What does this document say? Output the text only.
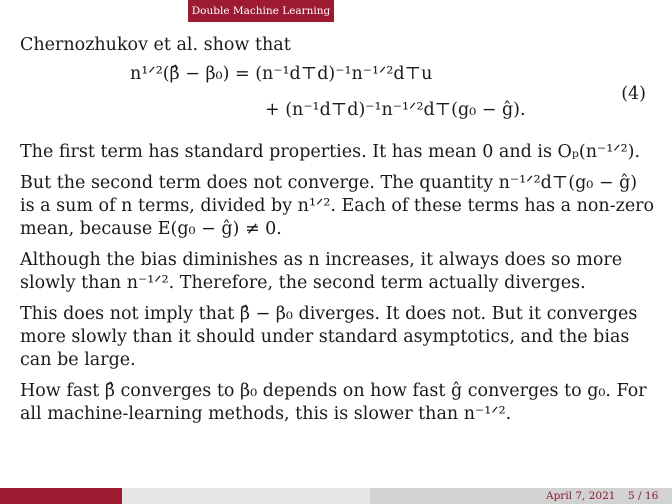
Double Machine Learning

Chernozhukov et al. show that

n¹ᐟ²(β̂ − β₀) = (n⁻¹d⊤d)⁻¹n⁻¹ᐟ²d⊤u
+ (n⁻¹d⊤d)⁻¹n⁻¹ᐟ²d⊤(g₀ − ĝ).
(4)

The first term has standard properties. It has mean 0 and is Oₚ(n⁻¹ᐟ²).

But the second term does not converge. The quantity n⁻¹ᐟ²d⊤(g₀ − ĝ) is a sum of n terms, divided by n¹ᐟ². Each of these terms has a non-zero mean, because E(g₀ − ĝ) ≠ 0.

Although the bias diminishes as n increases, it always does so more slowly than n⁻¹ᐟ². Therefore, the second term actually diverges.

This does not imply that β̂ − β₀ diverges. It does not. But it converges more slowly than it should under standard asymptotics, and the bias can be large.

How fast β̂ converges to β₀ depends on how fast ĝ converges to g₀. For all machine-learning methods, this is slower than n⁻¹ᐟ².

April 7, 2021 5 / 16
